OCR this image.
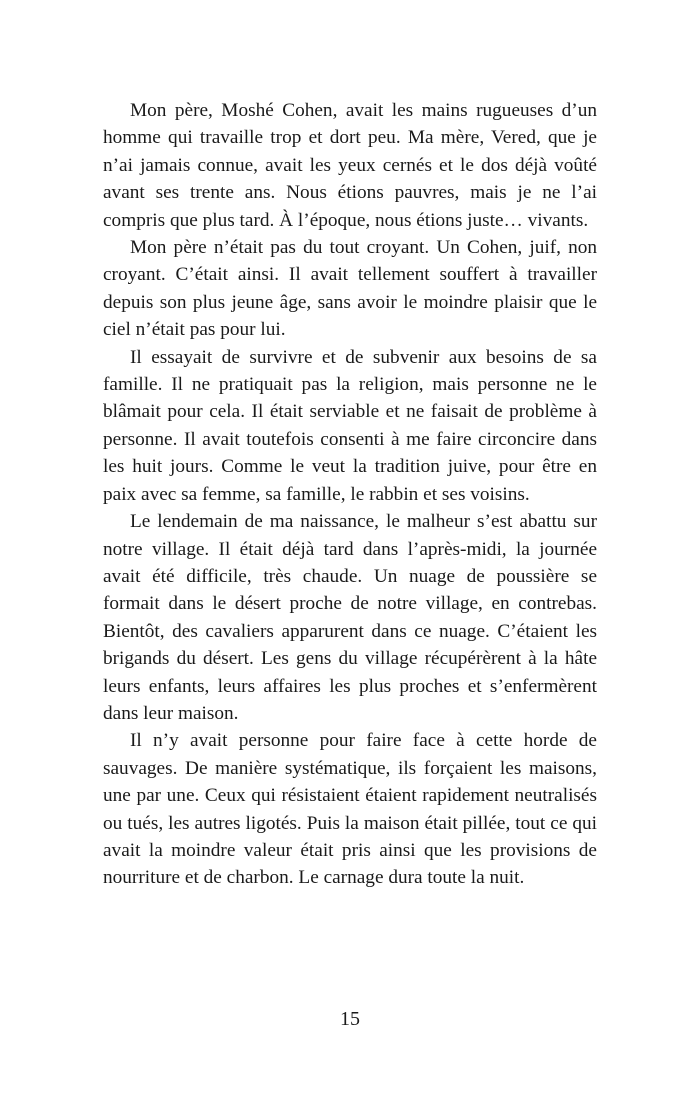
Mon père, Moshé Cohen, avait les mains rugueuses d’un homme qui travaille trop et dort peu. Ma mère, Vered, que je n’ai jamais connue, avait les yeux cernés et le dos déjà voûté avant ses trente ans. Nous étions pauvres, mais je ne l’ai compris que plus tard. À l’époque, nous étions juste… vivants.

Mon père n’était pas du tout croyant. Un Cohen, juif, non croyant. C’était ainsi. Il avait tellement souffert à travailler depuis son plus jeune âge, sans avoir le moindre plaisir que le ciel n’était pas pour lui.

Il essayait de survivre et de subvenir aux besoins de sa famille. Il ne pratiquait pas la religion, mais personne ne le blâmait pour cela. Il était serviable et ne faisait de problème à personne. Il avait toutefois consenti à me faire circoncire dans les huit jours. Comme le veut la tradition juive, pour être en paix avec sa femme, sa famille, le rabbin et ses voisins.

Le lendemain de ma naissance, le malheur s’est abattu sur notre village. Il était déjà tard dans l’après-midi, la journée avait été difficile, très chaude. Un nuage de poussière se formait dans le désert proche de notre village, en contrebas. Bientôt, des cavaliers apparurent dans ce nuage. C’étaient les brigands du désert. Les gens du village récupérèrent à la hâte leurs enfants, leurs affaires les plus proches et s’enfermèrent dans leur maison.

Il n’y avait personne pour faire face à cette horde de sauvages. De manière systématique, ils forçaient les maisons, une par une. Ceux qui résistaient étaient rapidement neutralisés ou tués, les autres ligotés. Puis la maison était pillée, tout ce qui avait la moindre valeur était pris ainsi que les provisions de nourriture et de charbon. Le carnage dura toute la nuit.

15
